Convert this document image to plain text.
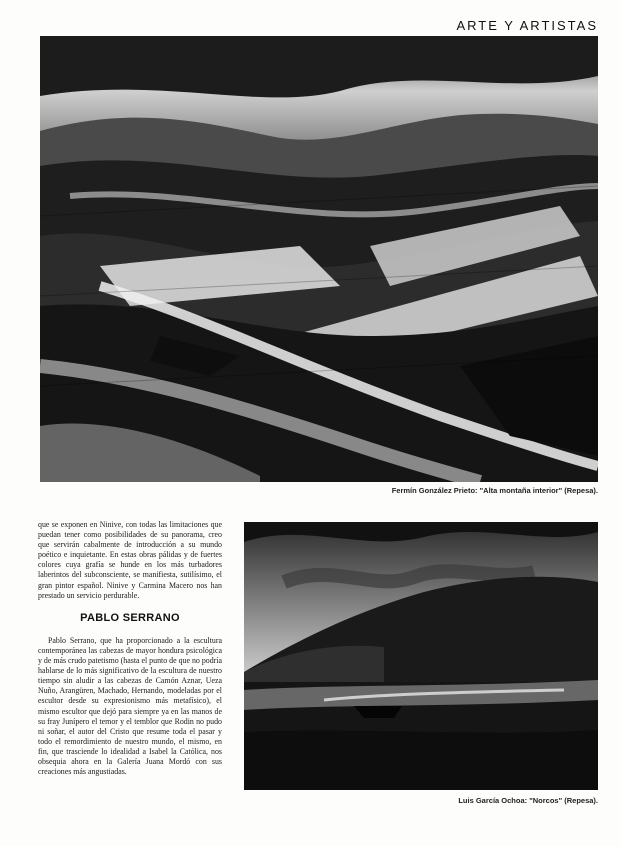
ARTE Y ARTISTAS

Fermín González Prieto: "Alta montaña interior" (Repesa).

que se exponen en Ninive, con todas las limitaciones que puedan tener como posibilidades de su panorama, creo que servirán cabalmente de introducción a su mundo poético e inquietante. En estas obras pálidas y de fuertes colores cuya grafía se hunde en los más turbadores laberintos del subconsciente, se manifiesta, sutilísimo, el gran pintor español. Ninive y Carmina Macero nos han prestado un servicio perdurable.

PABLO SERRANO

Pablo Serrano, que ha proporcionado a la escultura contemporánea las cabezas de mayor hondura psicológica y de más crudo patetismo (hasta el punto de que no podría hablarse de lo más significativo de la escultura de nuestro tiempo sin aludir a las cabezas de Camón Aznar, Ueza Nuño, Arangüren, Machado, Hernando, modeladas por el escultor desde su expresionismo más metafísico), el mismo escultor que dejó para siempre ya en las manos de su fray Junípero el temor y el temblor que Rodin no pudo ni soñar, el autor del Cristo que resume toda el pasar y todo el remordimiento de nuestro mundo, el mismo, en fin, que trasciende lo idealidad a Isabel la Católica, nos obsequia ahora en la Galería Juana Mordó con sus creaciones más angustiadas.

Luis García Ochoa: "Norcos" (Repesa).
